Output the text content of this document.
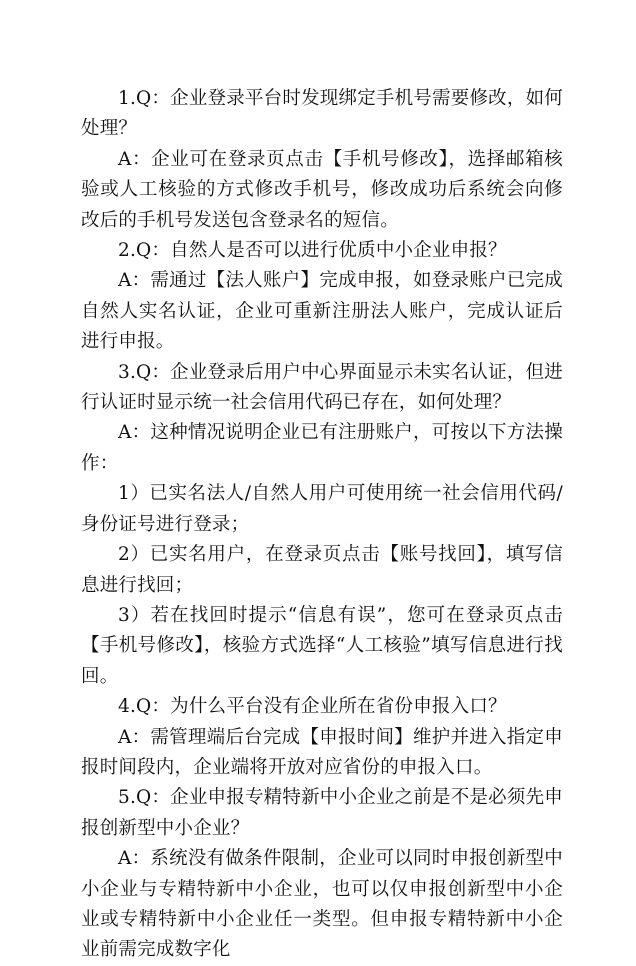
1.Q：企业登录平台时发现绑定手机号需要修改，如何处理？

A：企业可在登录页点击【手机号修改】，选择邮箱核验或人工核验的方式修改手机号，修改成功后系统会向修改后的手机号发送包含登录名的短信。

2.Q：自然人是否可以进行优质中小企业申报？

A：需通过【法人账户】完成申报，如登录账户已完成自然人实名认证，企业可重新注册法人账户，完成认证后进行申报。

3.Q：企业登录后用户中心界面显示未实名认证，但进行认证时显示统一社会信用代码已存在，如何处理？

A：这种情况说明企业已有注册账户，可按以下方法操作：

1）已实名法人/自然人用户可使用统一社会信用代码/身份证号进行登录；

2）已实名用户，在登录页点击【账号找回】，填写信息进行找回；

3）若在找回时提示“信息有误”，您可在登录页点击【手机号修改】，核验方式选择“人工核验”填写信息进行找回。

4.Q：为什么平台没有企业所在省份申报入口？

A：需管理端后台完成【申报时间】维护并进入指定申报时间段内，企业端将开放对应省份的申报入口。

5.Q：企业申报专精特新中小企业之前是不是必须先申报创新型中小企业？

A：系统没有做条件限制，企业可以同时申报创新型中小企业与专精特新中小企业，也可以仅申报创新型中小企业或专精特新中小企业任一类型。但申报专精特新中小企业前需完成数字化
